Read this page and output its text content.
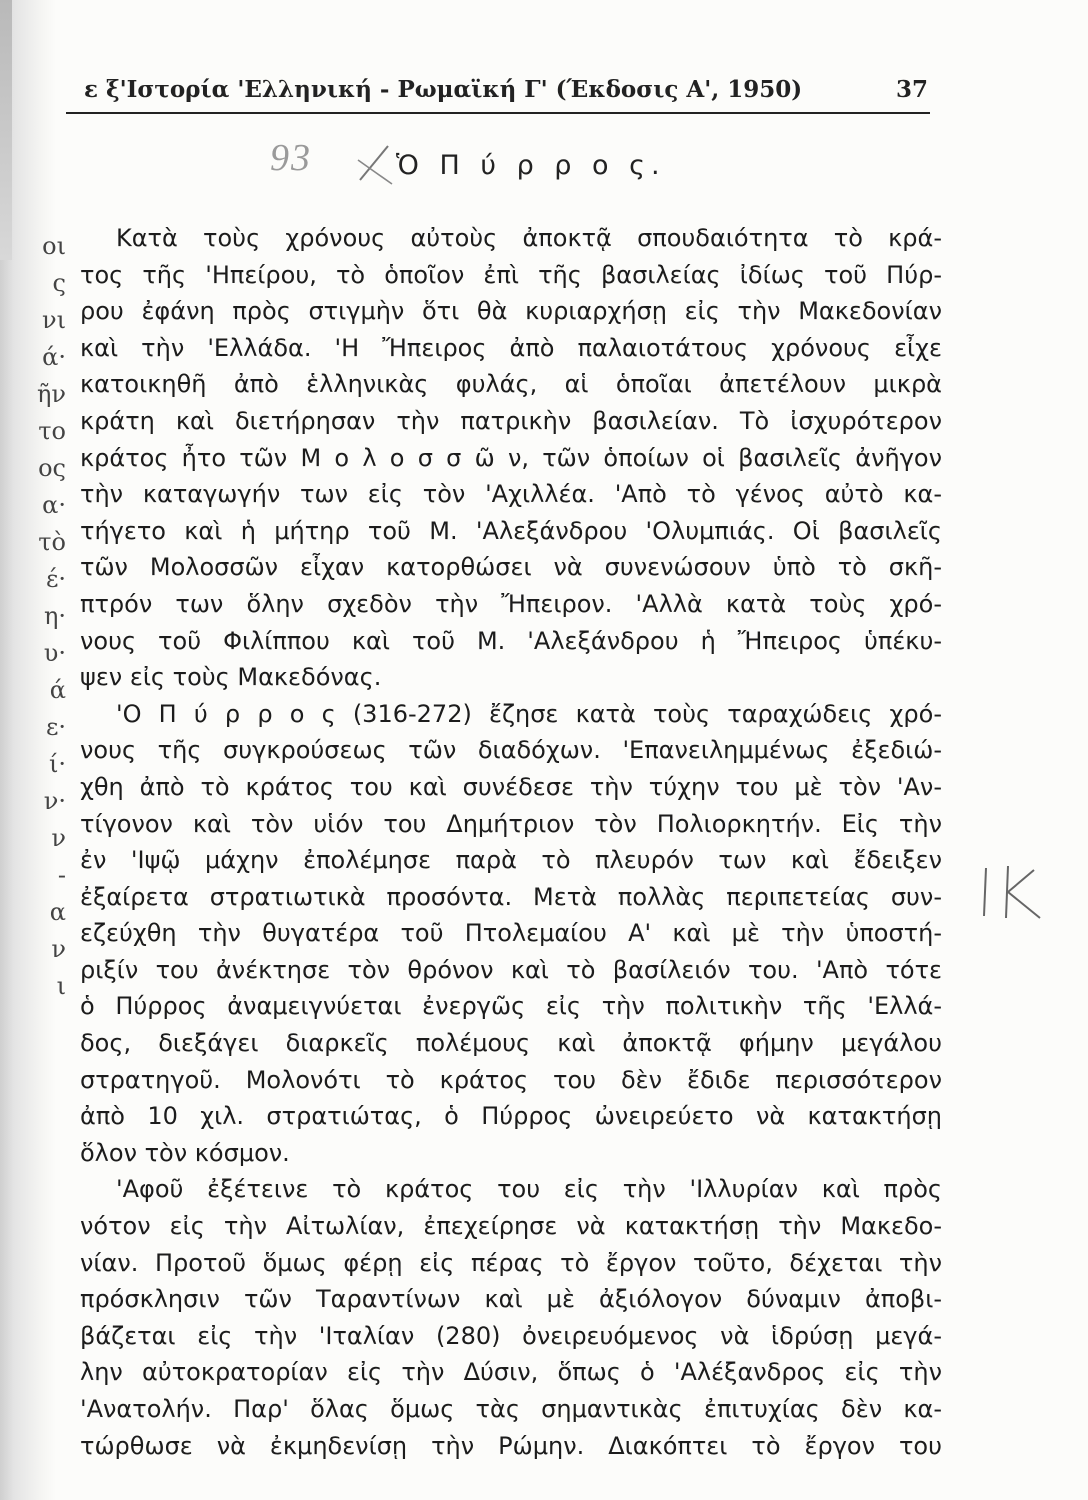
οι
ς
νι
ά·
ῆν
το
ος
α·
τὸ
έ·
η·
υ·
ά
ε·
ί·
ν·
ν
-
α
ν
ι
ε ξ'Ιστορία 'Ελληνική - Ρωμαϊκή Γ' (Έκδοσις Α', 1950)	37
93	Ὁ Π ύ ρ ρ ο ς.
Κατὰ τοὺς χρόνους αὐτοὺς ἀποκτᾷ σπουδαιότητα τὸ κρά-
τος τῆς 'Ηπείρου, τὸ ὁποῖον ἐπὶ τῆς βασιλείας ἰδίως τοῦ Πύρ-
ρου ἐφάνη πρὸς στιγμὴν ὅτι θὰ κυριαρχήσῃ εἰς τὴν Μακεδονίαν
καὶ τὴν 'Ελλάδα. 'Η Ἤπειρος ἀπὸ παλαιοτάτους χρόνους εἶχε
κατοικηθῆ ἀπὸ ἑλληνικὰς φυλάς, αἱ ὁποῖαι ἀπετέλουν μικρὰ
κράτη καὶ διετήρησαν τὴν πατρικὴν βασιλείαν. Τὸ ἰσχυρότερον
κράτος ἦτο τῶν Μ ο λ ο σ σ ῶ ν, τῶν ὁποίων οἱ βασιλεῖς ἀνῆγον
τὴν καταγωγήν των εἰς τὸν 'Αχιλλέα. 'Απὸ τὸ γένος αὐτὸ κα-
τήγετο καὶ ἡ μήτηρ τοῦ Μ. 'Αλεξάνδρου 'Ολυμπιάς. Οἱ βασιλεῖς
τῶν Μολοσσῶν εἶχαν κατορθώσει νὰ συνενώσουν ὑπὸ τὸ σκῆ-
πτρόν των ὅλην σχεδὸν τὴν Ἤπειρον. 'Αλλὰ κατὰ τοὺς χρό-
νους τοῦ Φιλίππου καὶ τοῦ Μ. 'Αλεξάνδρου ἡ Ἤπειρος ὑπέκυ-
ψεν εἰς τοὺς Μακεδόνας.
'Ο Π ύ ρ ρ ο ς (316-272) ἔζησε κατὰ τοὺς ταραχώδεις χρό-
νους τῆς συγκρούσεως τῶν διαδόχων. 'Επανειλημμένως ἐξεδιώ-
χθη ἀπὸ τὸ κράτος του καὶ συνέδεσε τὴν τύχην του μὲ τὸν 'Αν-
τίγονον καὶ τὸν υἱόν του Δημήτριον τὸν Πολιορκητήν. Εἰς τὴν
ἐν 'Ιψῷ μάχην ἐπολέμησε παρὰ τὸ πλευρόν των καὶ ἔδειξεν
ἐξαίρετα στρατιωτικὰ προσόντα. Μετὰ πολλὰς περιπετείας συν-
εζεύχθη τὴν θυγατέρα τοῦ Πτολεμαίου Α' καὶ μὲ τὴν ὑποστή-
ριξίν του ἀνέκτησε τὸν θρόνον καὶ τὸ βασίλειόν του. 'Απὸ τότε
ὁ Πύρρος ἀναμειγνύεται ἐνεργῶς εἰς τὴν πολιτικὴν τῆς 'Ελλά-
δος, διεξάγει διαρκεῖς πολέμους καὶ ἀποκτᾷ φήμην μεγάλου
στρατηγοῦ. Μολονότι τὸ κράτος του δὲν ἔδιδε περισσότερον
ἀπὸ 10 χιλ. στρατιώτας, ὁ Πύρρος ὠνειρεύετο νὰ κατακτήσῃ
ὅλον τὸν κόσμον.
'Αφοῦ ἐξέτεινε τὸ κράτος του εἰς τὴν 'Ιλλυρίαν καὶ πρὸς
νότον εἰς τὴν Αἰτωλίαν, ἐπεχείρησε νὰ κατακτήσῃ τὴν Μακεδο-
νίαν. Προτοῦ ὅμως φέρῃ εἰς πέρας τὸ ἔργον τοῦτο, δέχεται τὴν
πρόσκλησιν τῶν Ταραντίνων καὶ μὲ ἀξιόλογον δύναμιν ἀποβι-
βάζεται εἰς τὴν 'Ιταλίαν (280) ὀνειρευόμενος νὰ ἱδρύσῃ μεγά-
λην αὐτοκρατορίαν εἰς τὴν Δύσιν, ὅπως ὁ 'Αλέξανδρος εἰς τὴν
'Ανατολήν. Παρ' ὅλας ὅμως τὰς σημαντικὰς ἐπιτυχίας δὲν κα-
τώρθωσε νὰ ἐκμηδενίσῃ τὴν Ρώμην. Διακόπτει τὸ ἔργον του
